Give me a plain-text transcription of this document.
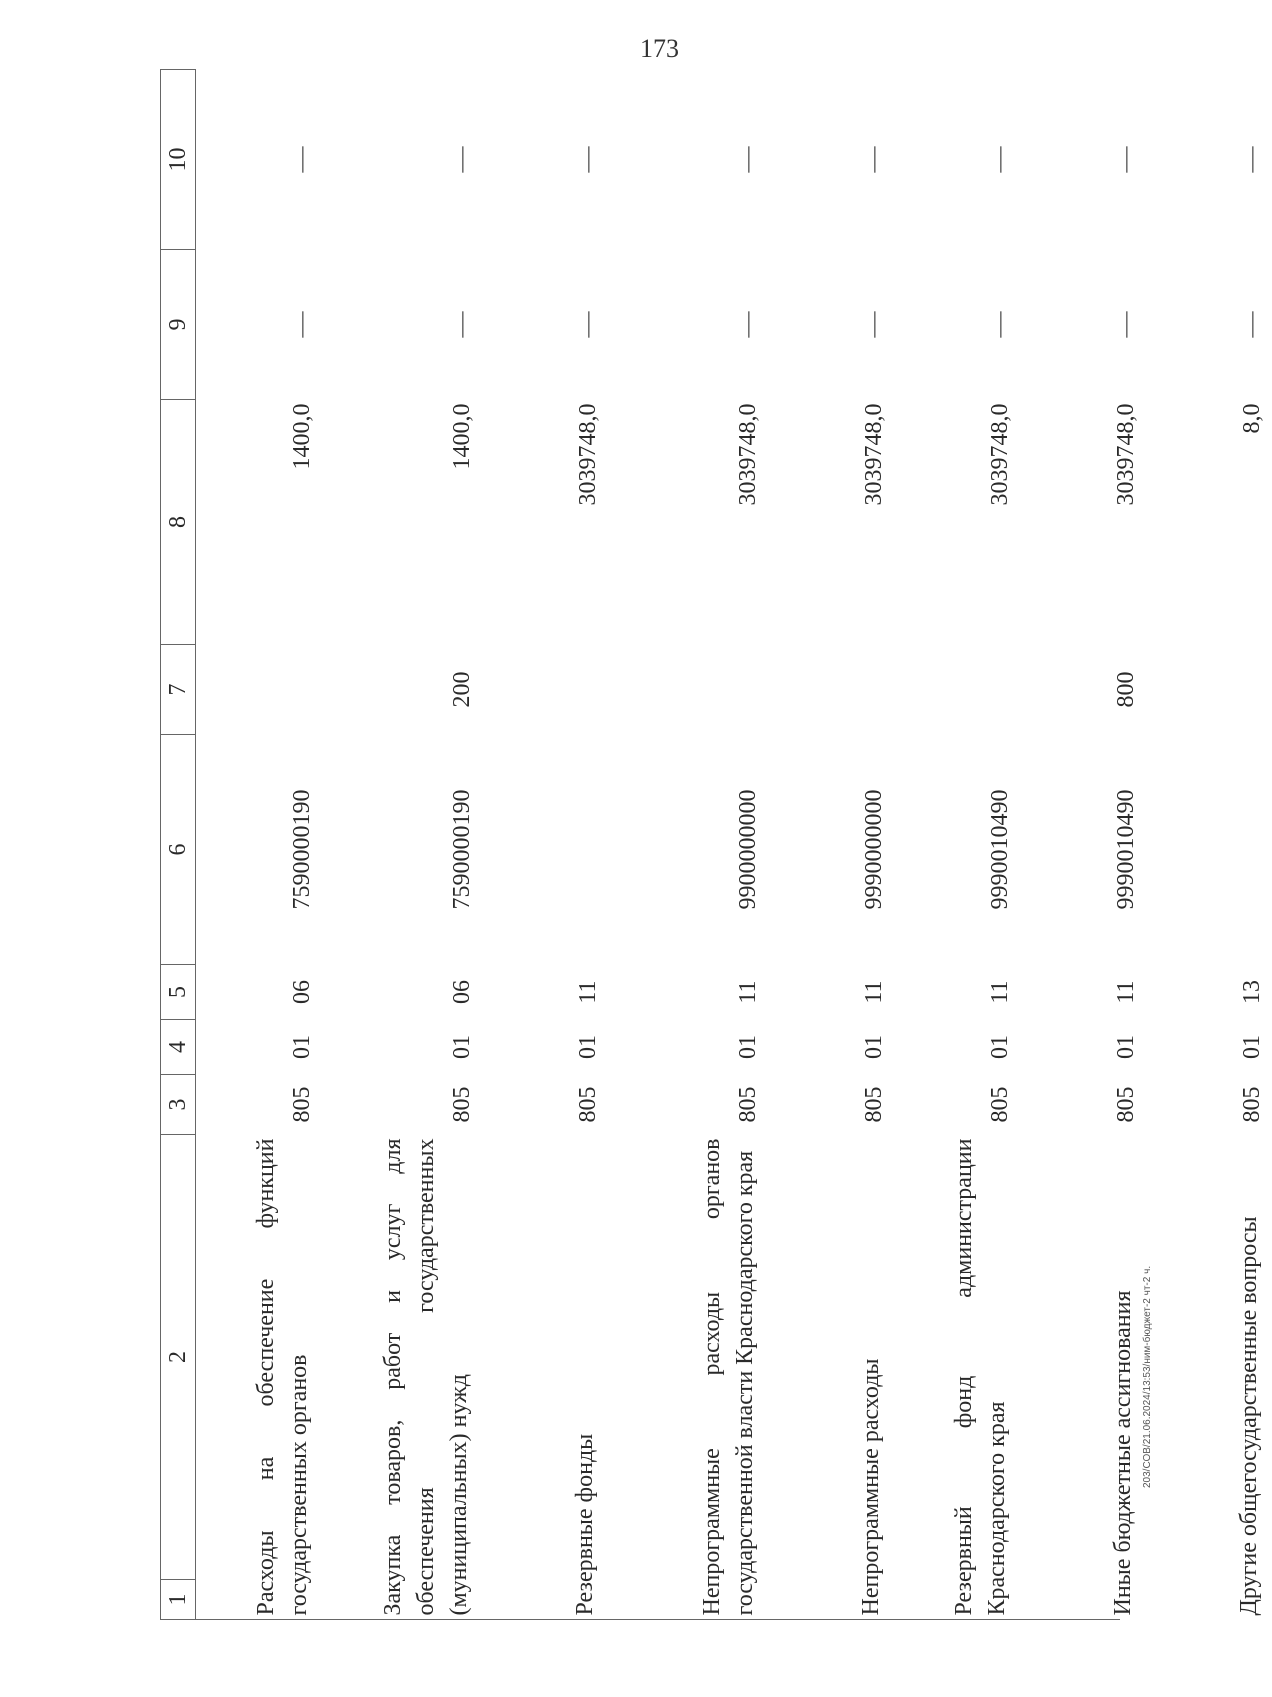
173
203/СОВ/21.06.2024/13:53/ним-бюджет-2 чт-2 ч.
1	2	3	4	5	6	7	8	9	10
Расходы на обеспечение функций государственных органов		805	01	06	7590000190		1400,0	—	—
Закупка товаров, работ и услуг для обеспечения государственных (муниципальных) нужд		805	01	06	7590000190	200	1400,0	—	—
Резервные фонды		805	01	11			3039748,0	—	—
Непрограммные расходы органов государственной власти Краснодарского края		805	01	11	9900000000		3039748,0	—	—
Непрограммные расходы		805	01	11	9990000000		3039748,0	—	—
Резервный фонд администрации Краснодарского края		805	01	11	9990010490		3039748,0	—	—
Иные бюджетные ассигнования		805	01	11	9990010490	800	3039748,0	—	—
Другие общегосударственные вопросы		805	01	13			8,0	—	—
